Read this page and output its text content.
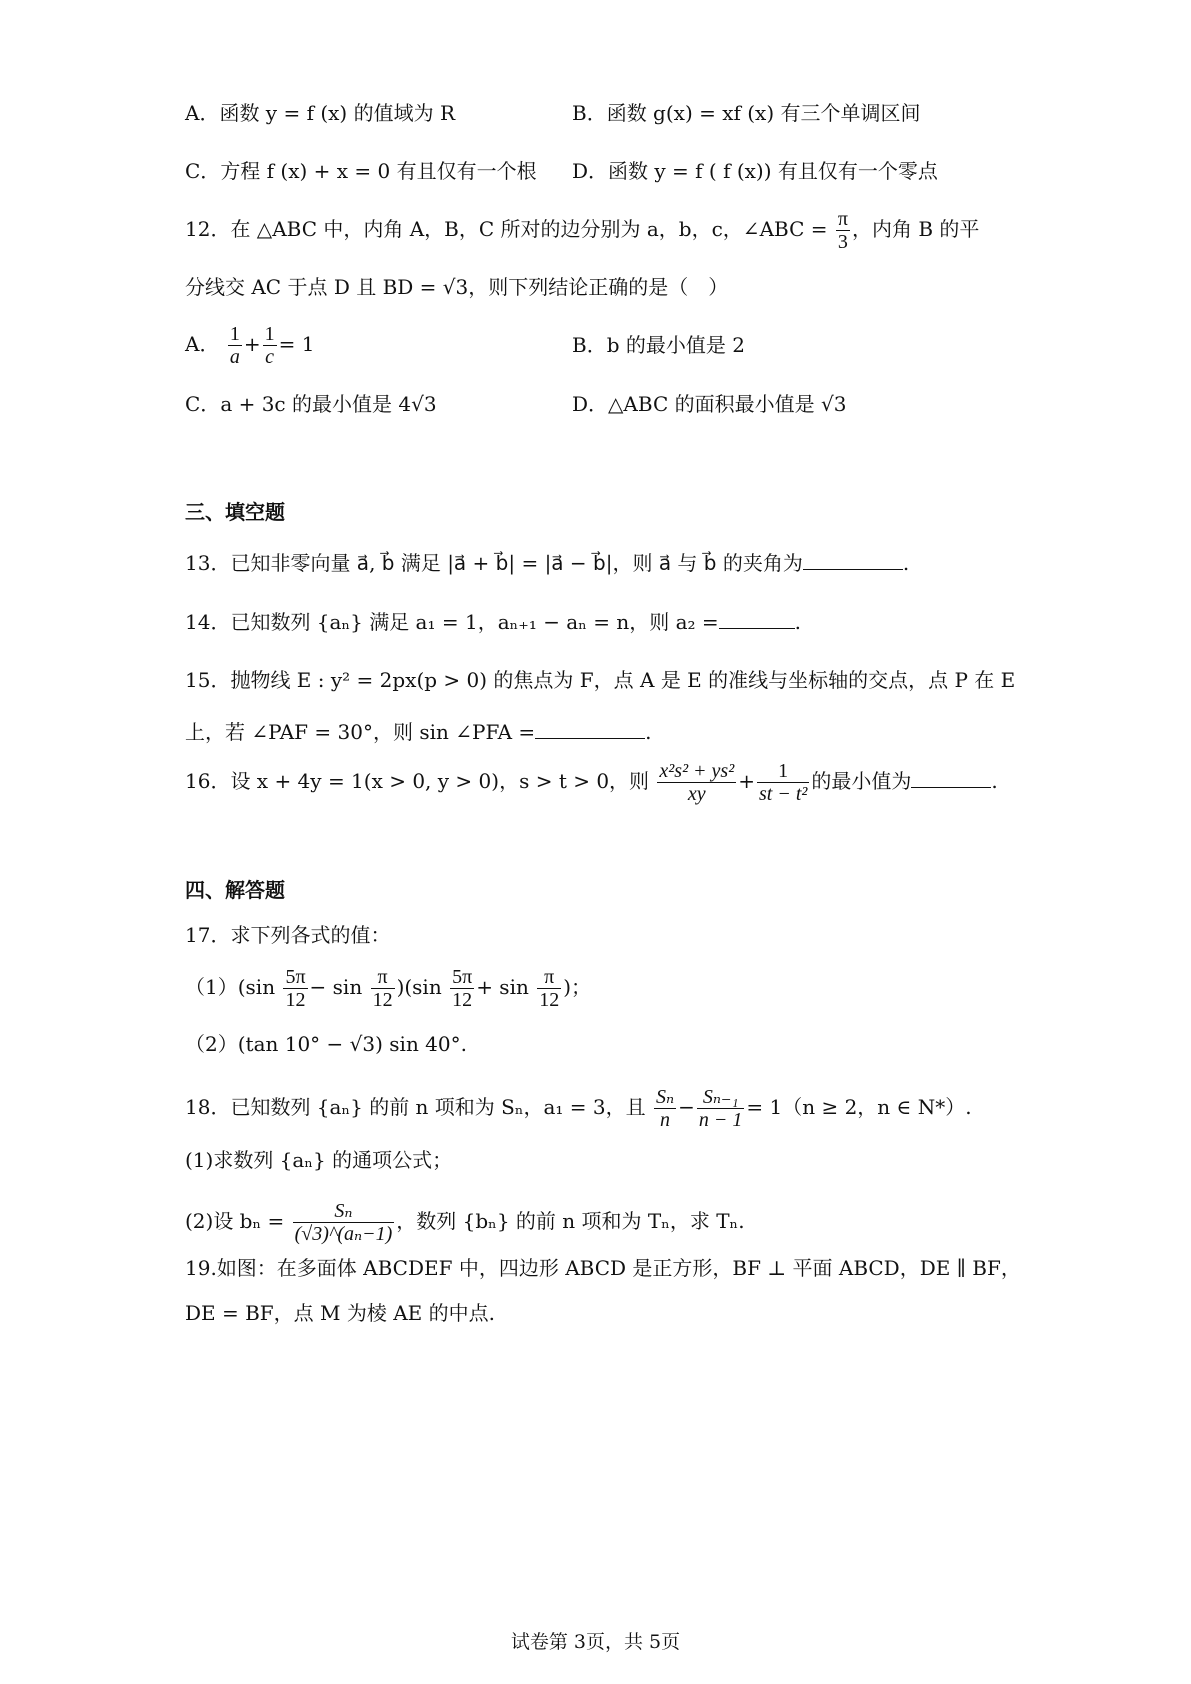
A．函数 y = f (x) 的值域为 R	B．函数 g(x) = xf (x) 有三个单调区间
C．方程 f (x) + x = 0 有且仅有一个根 D．函数 y = f ( f (x)) 有且仅有一个零点
12．在 △ABC 中，内角 A，B，C 所对的边分别为 a，b，c，∠ABC = $\frac{\pi}{3}$ ，内角 B 的平
分线交 AC 于点 D 且 BD = √3，则下列结论正确的是（　）
A． $\frac{1}{a} + \frac{1}{c} = 1$	B．b 的最小值是 2
C．a + 3c 的最小值是 4√3	D．△ABC 的面积最小值是 √3
三、填空题
13．已知非零向量 a⃗, b⃗ 满足 |a⃗ + b⃗| = |a⃗ − b⃗|，则 a⃗ 与 b⃗ 的夹角为	.
14．已知数列 {aₙ} 满足 a₁ = 1，aₙ₊₁ − aₙ = n，则 a₂ =	.
15．抛物线 E : y² = 2px(p > 0) 的焦点为 F，点 A 是 E 的准线与坐标轴的交点，点 P 在 E
上，若 ∠PAF = 30°，则 sin ∠PFA =	.
16．设 x + 4y = 1(x > 0, y > 0)，s > t > 0，则 $\frac{\text{x²s² + ys²}}{xy} + \frac{1}{\text{st − t²}}$ 的最小值为	.
四、解答题
17．求下列各式的值：
$(1)(\sin \frac{5\pi}{12} - \sin \frac{\pi}{12} )(\sin \frac{5\pi}{12} + \sin \frac{\pi}{12}$ )；
（2）(tan 10° − √3) sin 40°.
18．已知数列 {aₙ} 的前 n 项和为 Sₙ，a₁ = 3，且 $\frac{\text{Sₙ}}{n} - \frac{\text{Sₙ₋₁}}{n - 1} = 1(n \ge 2$，n ∈ N*）.
(1)求数列 {aₙ} 的通项公式；
(2)设 $b_n = \frac{\text{Sₙ}}{\text{(√3)\textasciicircum{}(aₙ−1)}}$ ，数列 {bₙ} 的前 n 项和为 Tₙ，求 Tₙ.
19.如图：在多面体 ABCDEF 中，四边形 ABCD 是正方形，BF ⊥ 平面 ABCD，DE ∥ BF，
DE = BF，点 M 为棱 AE 的中点.
试卷第 3页，共 5页
